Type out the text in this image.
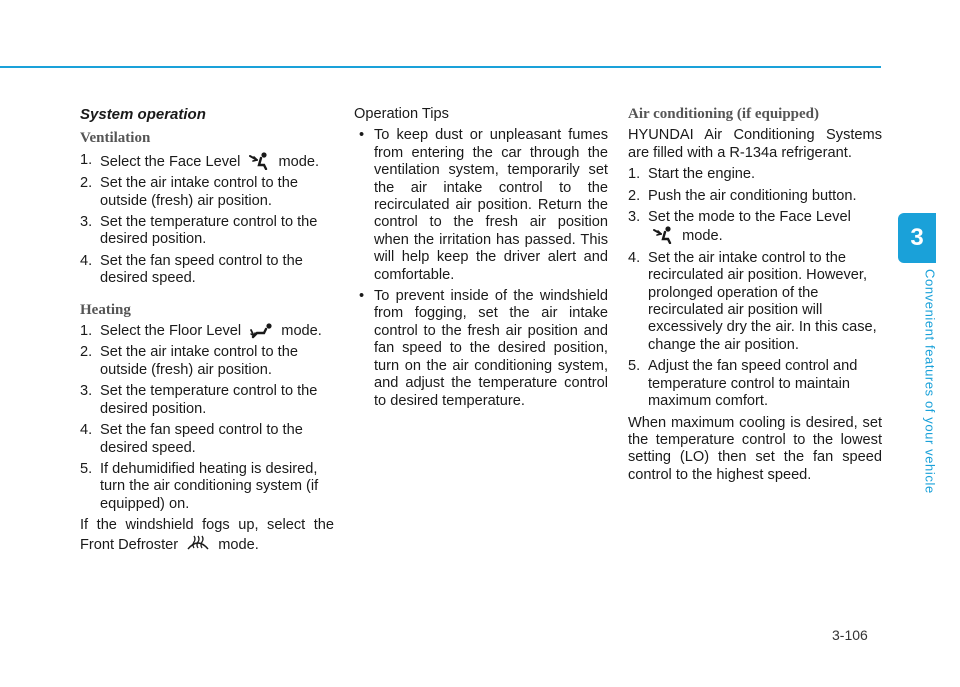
System operation
Ventilation
1. Select the Face Level	mode.
2. Set the air intake control to the outside (fresh) air position.
3. Set the temperature control to the desired position.
4. Set the fan speed control to the desired speed.
Heating
1. Select the Floor Level	mode.
2. Set the air intake control to the outside (fresh) air position.
3. Set the temperature control to the desired position.
4. Set the fan speed control to the desired speed.
5. If dehumidified heating is desired, turn the air conditioning system (if equipped) on.
If the windshield fogs up, select the Front Defroster	mode.
Operation Tips
• To keep dust or unpleasant fumes from entering the car through the ventilation system, temporarily set the air intake control to the recirculated air position. Return the control to the fresh air position when the irritation has passed. This will help keep the driver alert and comfortable.
• To prevent inside of the windshield from fogging, set the air intake control to the fresh air position and fan speed to the desired position, turn on the air conditioning system, and adjust the temperature control to desired temperature.
Air conditioning (if equipped)
HYUNDAI Air Conditioning Systems are filled with a R-134a refrigerant.
1. Start the engine.
2. Push the air conditioning button.
3. Set the mode to the Face Level
mode.
4. Set the air intake control to the recirculated air position. However, prolonged operation of the recirculated air position will excessively dry the air. In this case, change the air position.
5. Adjust the fan speed control and temperature control to maintain maximum comfort.
When maximum cooling is desired, set the temperature control to the lowest setting (LO) then set the fan speed control to the highest speed.
3
Convenient features of your vehicle
3-106
